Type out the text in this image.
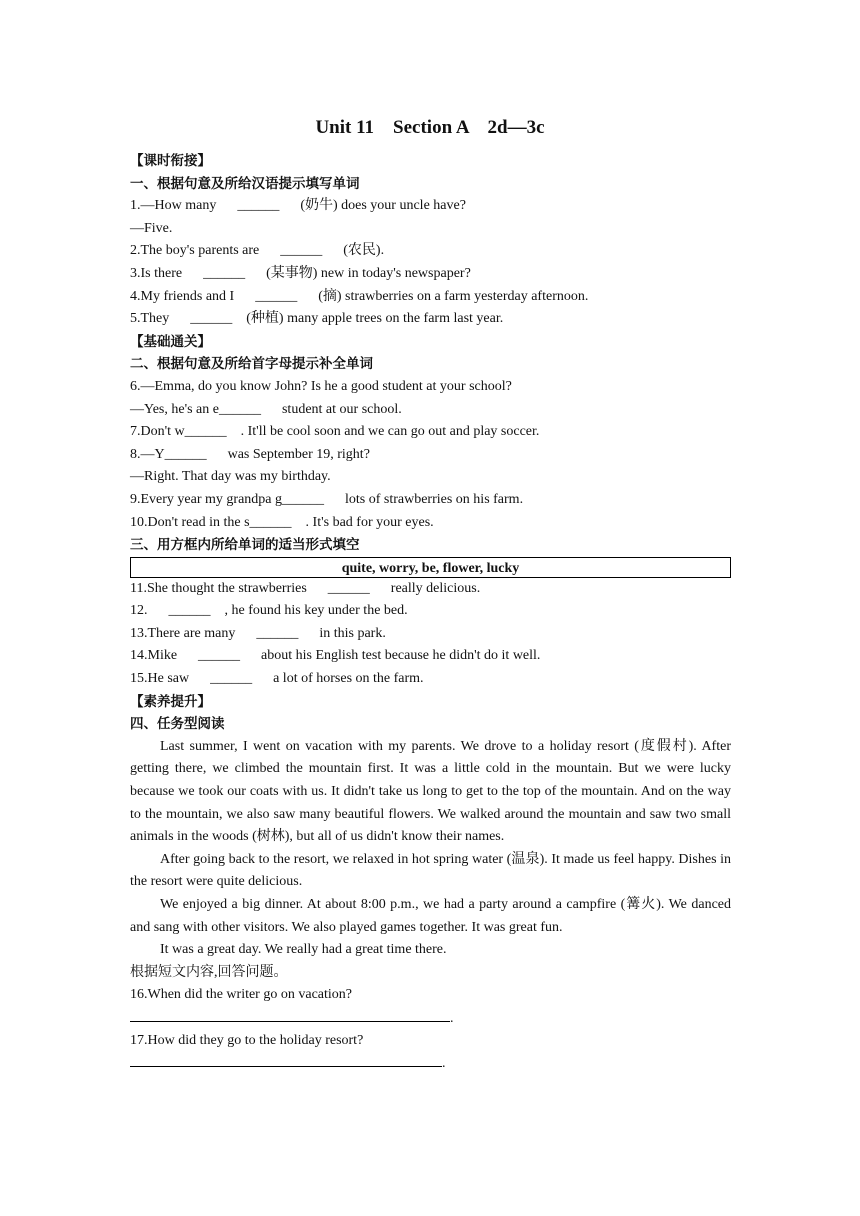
Unit 11    Section A    2d—3c
【课时衔接】
一、根据句意及所给汉语提示填写单词
1.—How many      ______      (奶牛) does your uncle have?
—Five.
2.The boy's parents are      ______      (农民).
3.Is there      ______      (某事物) new in today's newspaper?
4.My friends and I      ______      (摘) strawberries on a farm yesterday afternoon.
5.They      ______    (种植) many apple trees on the farm last year.
【基础通关】
二、根据句意及所给首字母提示补全单词
6.—Emma, do you know John? Is he a good student at your school?
—Yes, he's an e______      student at our school.
7.Don't w______    . It'll be cool soon and we can go out and play soccer.
8.—Y______      was September 19, right?
—Right. That day was my birthday.
9.Every year my grandpa g______      lots of strawberries on his farm.
10.Don't read in the s______    . It's bad for your eyes.
三、用方框内所给单词的适当形式填空
quite, worry, be, flower, lucky
11.She thought the strawberries      ______      really delicious.
12.      ______    , he found his key under the bed.
13.There are many      ______      in this park.
14.Mike      ______      about his English test because he didn't do it well.
15.He saw      ______      a lot of horses on the farm.
【素养提升】
四、任务型阅读

Last summer, I went on vacation with my parents. We drove to a holiday resort (度假村). After getting there, we climbed the mountain first. It was a little cold in the mountain. But we were lucky because we took our coats with us. It didn't take us long to get to the top of the mountain. And on the way to the mountain, we also saw many beautiful flowers. We walked around the mountain and saw two small animals in the woods (树林), but all of us didn't know their names.

After going back to the resort, we relaxed in hot spring water (温泉). It made us feel happy. Dishes in the resort were quite delicious.

We enjoyed a big dinner. At about 8:00 p.m., we had a party around a campfire (篝火). We danced and sang with other visitors. We also played games together. It was great fun.

It was a great day. We really had a great time there.

根据短文内容,回答问题。
16.When did the writer go on vacation?
.
17.How did they go to the holiday resort?
.
